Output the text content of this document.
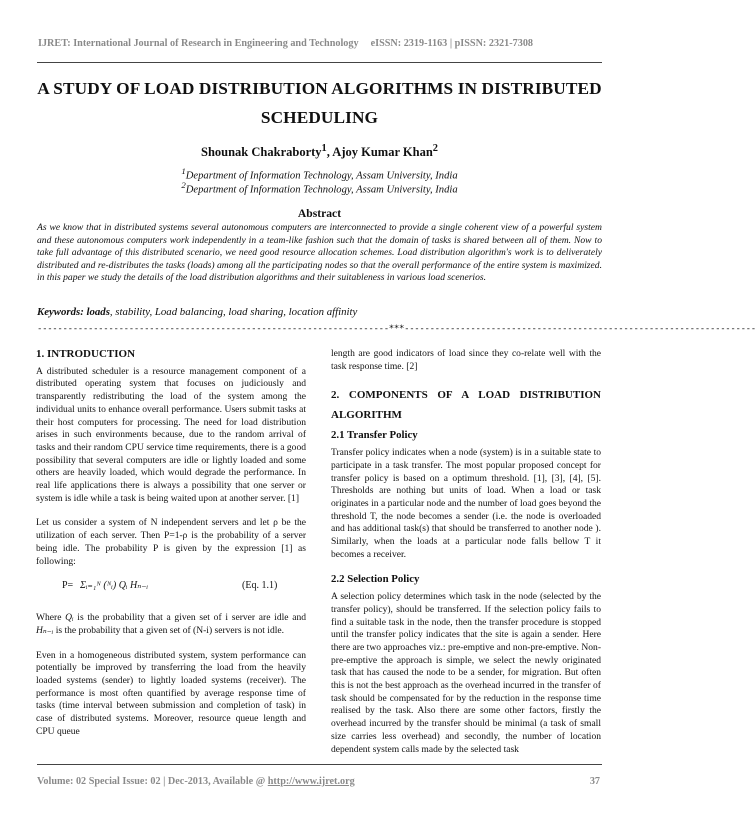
IJRET: International Journal of Research in Engineering and Technology eISSN: 2319-1163 | pISSN: 2321-7308
A STUDY OF LOAD DISTRIBUTION ALGORITHMS IN DISTRIBUTED SCHEDULING
Shounak Chakraborty$^1$, Ajoy Kumar Khan$^2$
$^1$Department of Information Technology, Assam University, India
$^2$Department of Information Technology, Assam University, India
Abstract
As we know that in distributed systems several autonomous computers are interconnected to provide a single coherent view of a powerful system and these autonomous computers work independently in a team-like fashion such that the domain of tasks is shared between all of them. Now to take full advantage of this distributed scenario, we need good resource allocation schemes. Load distribution algorithm's work is to deliverately distributed and re-distributes the tasks (loads) among all the participating nodes so that the overall performance of the entire system is maximized. in this paper we study the details of the load distribution algorithms and their suitableness in various load scenerios.
Keywords: loads, stability, Load balancing, load sharing, location affinity
---------------------------------------------------------------------***---------------------------------------------------------------------
1. INTRODUCTION

A distributed scheduler is a resource management component of a distributed operating system that focuses on judiciously and transparently redistributing the load of the system among the individual units to enhance overall performance. Users submit tasks at their host computers for processing. The need for load distribution arises in such environments because, due to the random arrival of tasks and their random CPU service time requirements, there is a good possibility that several computers are idle or lightly loaded and some others are heavily loaded, which would degrade the performance. In real life applications there is always a possibility that one server or system is idle while a task is being waited upon at another server. [1]

Let us consider a system of N independent servers and let ρ be the utilization of each server. Then P=1-ρ is the probability of a server being idle. The probability P is given by the expression [1] as following:

P= Σᵢ₌₁ᴺ (ᴺᵢ) Qᵢ Hₙ₋ᵢ	(Eq. 1.1)

Where Qᵢ is the probability that a given set of i server are idle and Hₙ₋ᵢ is the probability that a given set of (N-i) servers is not idle.

Even in a homogeneous distributed system, system performance can potentially be improved by transferring the load from the heavily loaded systems (sender) to lightly loaded systems (receiver). The performance is most often quantified by average response time of tasks (time interval between submission and completion of task) in case of distributed systems. Moreover, resource queue length and CPU queue

length are good indicators of load since they co-relate well with the task response time. [2]

2. COMPONENTS OF A LOAD DISTRIBUTION ALGORITHM
2.1 Transfer Policy

Transfer policy indicates when a node (system) is in a suitable state to participate in a task transfer. The most popular proposed concept for transfer policy is based on a optimum threshold. [1], [3], [4], [5]. Thresholds are nothing but units of load. When a load or task originates in a particular node and the number of load goes beyond the threshold T, the node becomes a sender (i.e. the node is overloaded and has additional task(s) that should be transferred to another node ). Similarly, when the loads at a particular node falls bellow T it becomes a receiver.

2.2 Selection Policy

A selection policy determines which task in the node (selected by the transfer policy), should be transferred. If the selection policy fails to find a suitable task in the node, then the transfer procedure is stopped until the transfer policy indicates that the site is again a sender. Here there are two approaches viz.: pre-emptive and non-pre-emptive. Non-pre-emptive the approach is simple, we select the newly originated task that has caused the node to be a sender, for migration. But often this is not the best approach as the overhead incurred in the transfer of task should be compensated for by the reduction in the response time realised by the task. Also there are some other factors, firstly the overhead incurred by the transfer should be minimal (a task of small size carries less overhead) and secondly, the number of location dependent system calls made by the selected task

Volume: 02 Special Issue: 02 | Dec-2013, Available @ http://www.ijret.org	37
